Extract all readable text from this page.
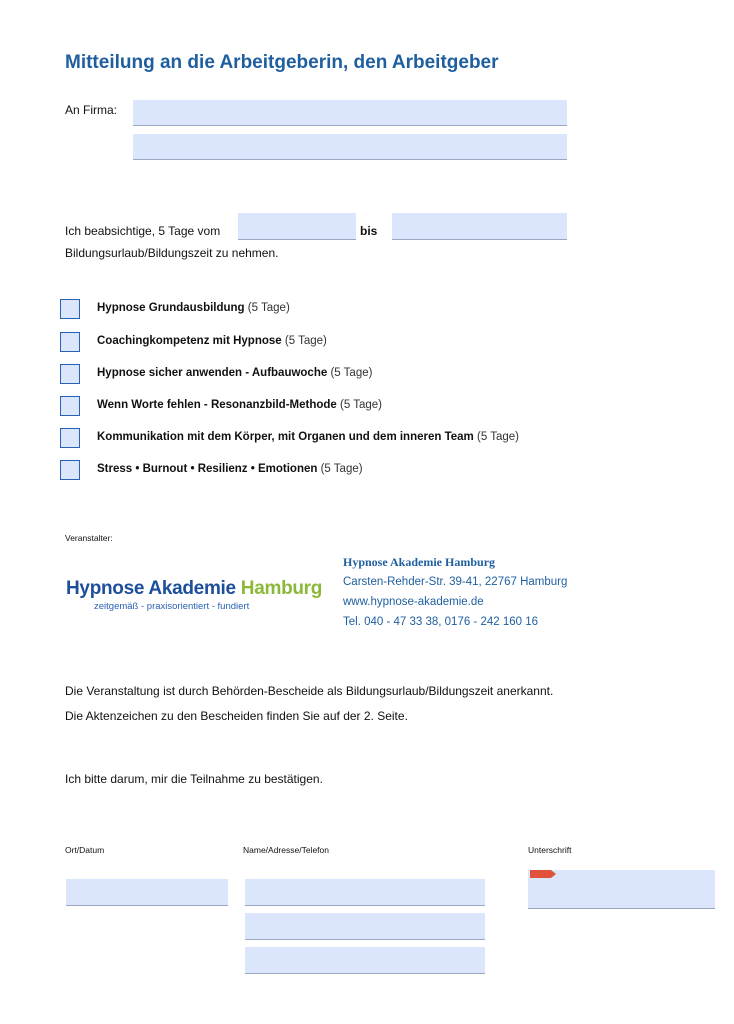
Mitteilung an die Arbeitgeberin, den Arbeitgeber
An Firma:
Ich beabsichtige, 5 Tage vom	bis
Bildungsurlaub/Bildungszeit zu nehmen.
Hypnose Grundausbildung (5 Tage)
Coachingkompetenz mit Hypnose (5 Tage)
Hypnose sicher anwenden - Aufbauwoche (5 Tage)
Wenn Worte fehlen - Resonanzbild-Methode (5 Tage)
Kommunikation mit dem Körper, mit Organen und dem inneren Team (5 Tage)
Stress • Burnout • Resilienz • Emotionen (5 Tage)
Veranstalter:
Hypnose Akademie Hamburg
zeitgemäß - praxisorientiert - fundiert
Hypnose Akademie Hamburg
Carsten-Rehder-Str. 39-41, 22767 Hamburg
www.hypnose-akademie.de
Tel. 040 - 47 33 38, 0176 - 242 160 16
Die Veranstaltung ist durch Behörden-Bescheide als Bildungsurlaub/Bildungszeit anerkannt.
Die Aktenzeichen zu den Bescheiden finden Sie auf der 2. Seite.
Ich bitte darum, mir die Teilnahme zu bestätigen.
Ort/Datum	Name/Adresse/Telefon	Unterschrift
